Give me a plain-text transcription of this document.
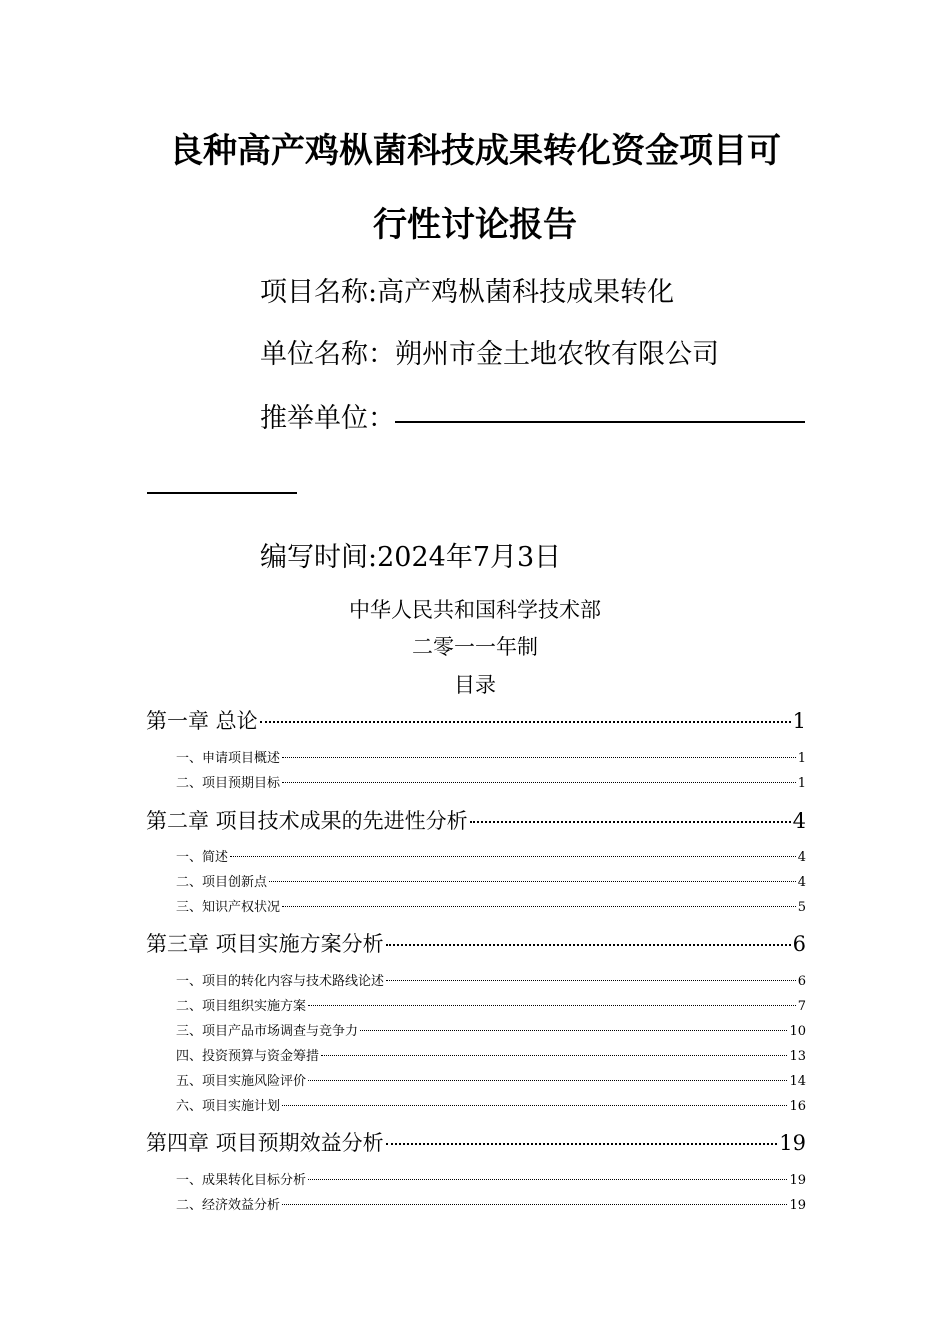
良种高产鸡枞菌科技成果转化资金项目可
行性讨论报告
项目名称:高产鸡枞菌科技成果转化
单位名称：朔州市金土地农牧有限公司
推举单位：
编写时间:2024年7月3日

中华人民共和国科学技术部

二零一一年制

目录

第一章 总论	1
一、申请项目概述	1
二、项目预期目标	1
第二章 项目技术成果的先进性分析	4
一、简述	4
二、项目创新点	4
三、知识产权状况	5
第三章 项目实施方案分析	6
一、项目的转化内容与技术路线论述	6
二、项目组织实施方案	7
三、项目产品市场调查与竞争力	10
四、投资预算与资金筹措	13
五、项目实施风险评价	14
六、项目实施计划	16
第四章 项目预期效益分析	19
一、成果转化目标分析	19
二、经济效益分析	19
